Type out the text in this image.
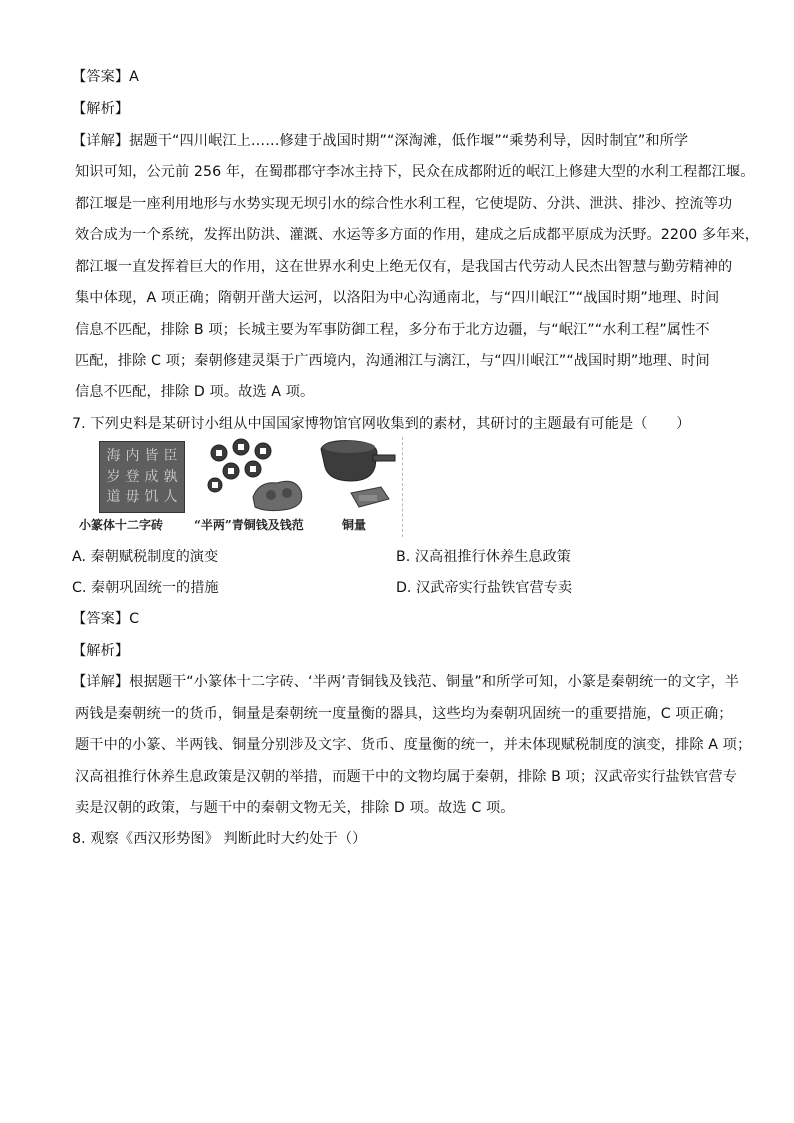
【答案】A
【解析】
【详解】据题干“四川岷江上……修建于战国时期”“深淘滩，低作堰”“乘势利导，因时制宜”和所学
知识可知，公元前 256 年，在蜀郡郡守李冰主持下，民众在成都附近的岷江上修建大型的水利工程都江堰。
都江堰是一座利用地形与水势实现无坝引水的综合性水利工程，它使堤防、分洪、泄洪、排沙、控流等功
效合成为一个系统，发挥出防洪、灌溉、水运等多方面的作用，建成之后成都平原成为沃野。2200 多年来，
都江堰一直发挥着巨大的作用，这在世界水利史上绝无仅有，是我国古代劳动人民杰出智慧与勤劳精神的
集中体现，A 项正确；隋朝开凿大运河，以洛阳为中心沟通南北，与“四川岷江”“战国时期”地理、时间
信息不匹配，排除 B 项；长城主要为军事防御工程，多分布于北方边疆，与“岷江”“水利工程”属性不
匹配，排除 C 项；秦朝修建灵渠于广西境内，沟通湘江与漓江，与“四川岷江”“战国时期”地理、时间
信息不匹配，排除 D 项。故选 A 项。
7. 下列史料是某研讨小组从中国国家博物馆官网收集到的素材，其研讨的主题最有可能是（　　）
海 内 皆 臣
岁 登 成 孰
道 毋 饥 人
小篆体十二字砖	“半两”青铜钱及钱范	铜量
A. 秦朝赋税制度的演变	B. 汉高祖推行休养生息政策
C. 秦朝巩固统一的措施	D. 汉武帝实行盐铁官营专卖
【答案】C
【解析】
【详解】根据题干“小篆体十二字砖、‘半两’青铜钱及钱范、铜量”和所学可知，小篆是秦朝统一的文字，半
两钱是秦朝统一的货币，铜量是秦朝统一度量衡的器具，这些均为秦朝巩固统一的重要措施，C 项正确；
题干中的小篆、半两钱、铜量分别涉及文字、货币、度量衡的统一，并未体现赋税制度的演变，排除 A 项；
汉高祖推行休养生息政策是汉朝的举措，而题干中的文物均属于秦朝，排除 B 项；汉武帝实行盐铁官营专
卖是汉朝的政策，与题干中的秦朝文物无关，排除 D 项。故选 C 项。
8. 观察《西汉形势图》 判断此时大约处于（）
